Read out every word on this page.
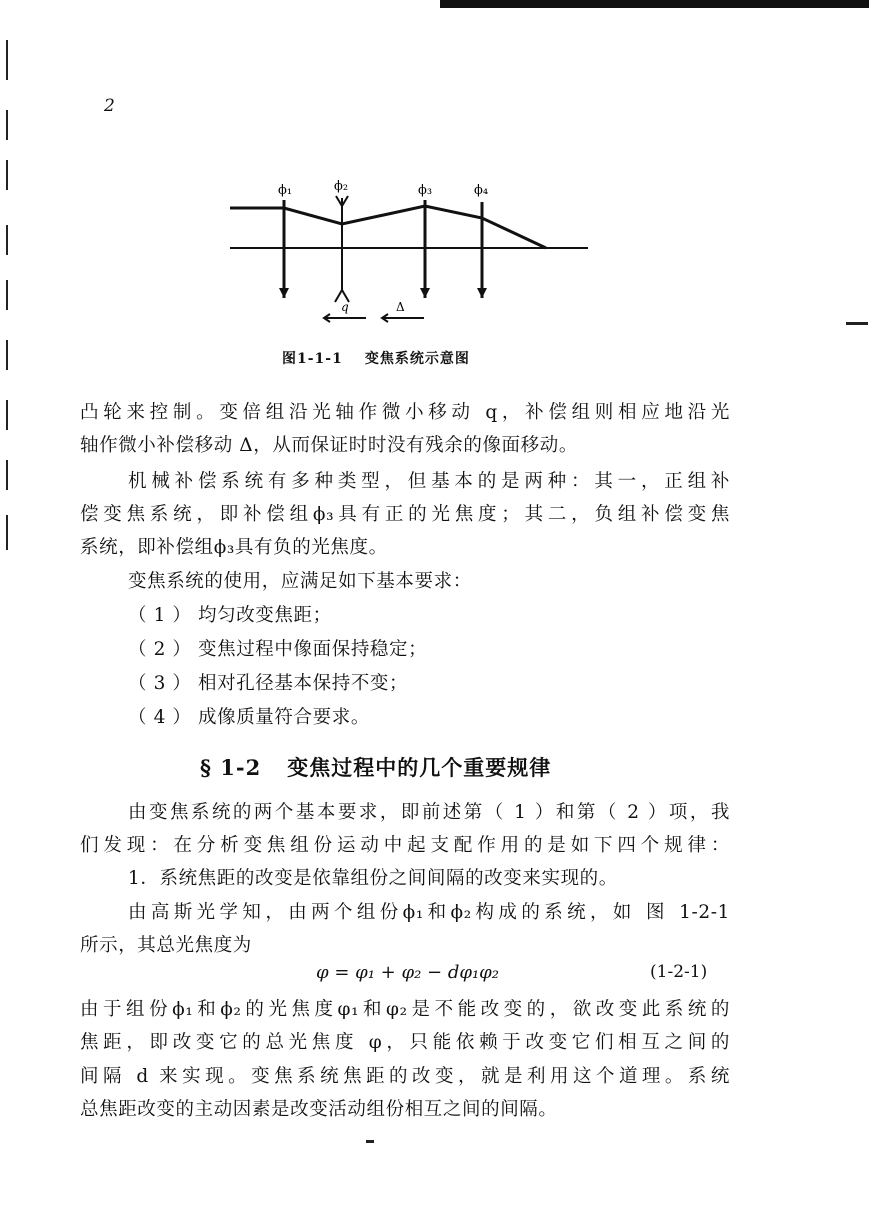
2
ϕ₁	ϕ₂	ϕ₃	ϕ₄
q	Δ
图1-1-1 变焦系统示意图
凸轮来控制。变倍组沿光轴作微小移动 q，补偿组则相应地沿光
轴作微小补偿移动 Δ，从而保证时时没有残余的像面移动。
机械补偿系统有多种类型，但基本的是两种：其一，正组补
偿变焦系统，即补偿组ϕ₃具有正的光焦度；其二，负组补偿变焦
系统，即补偿组ϕ₃具有负的光焦度。
变焦系统的使用，应满足如下基本要求：
（ 1 ） 均匀改变焦距；
（ 2 ） 变焦过程中像面保持稳定；
（ 3 ） 相对孔径基本保持不变；
（ 4 ） 成像质量符合要求。
§ 1-2 变焦过程中的几个重要规律
由变焦系统的两个基本要求，即前述第（ 1 ）和第（ 2 ）项，我
们发现：在分析变焦组份运动中起支配作用的是如下四个规律：
1．系统焦距的改变是依靠组份之间间隔的改变来实现的。
由高斯光学知，由两个组份ϕ₁和ϕ₂构成的系统，如 图 1-2-1
所示，其总光焦度为
φ = φ₁ + φ₂ − dφ₁φ₂	(1-2-1)
由于组份ϕ₁和ϕ₂的光焦度φ₁和φ₂是不能改变的，欲改变此系统的
焦距，即改变它的总光焦度 φ，只能依赖于改变它们相互之间的
间隔 d 来实现。变焦系统焦距的改变，就是利用这个道理。系统
总焦距改变的主动因素是改变活动组份相互之间的间隔。
